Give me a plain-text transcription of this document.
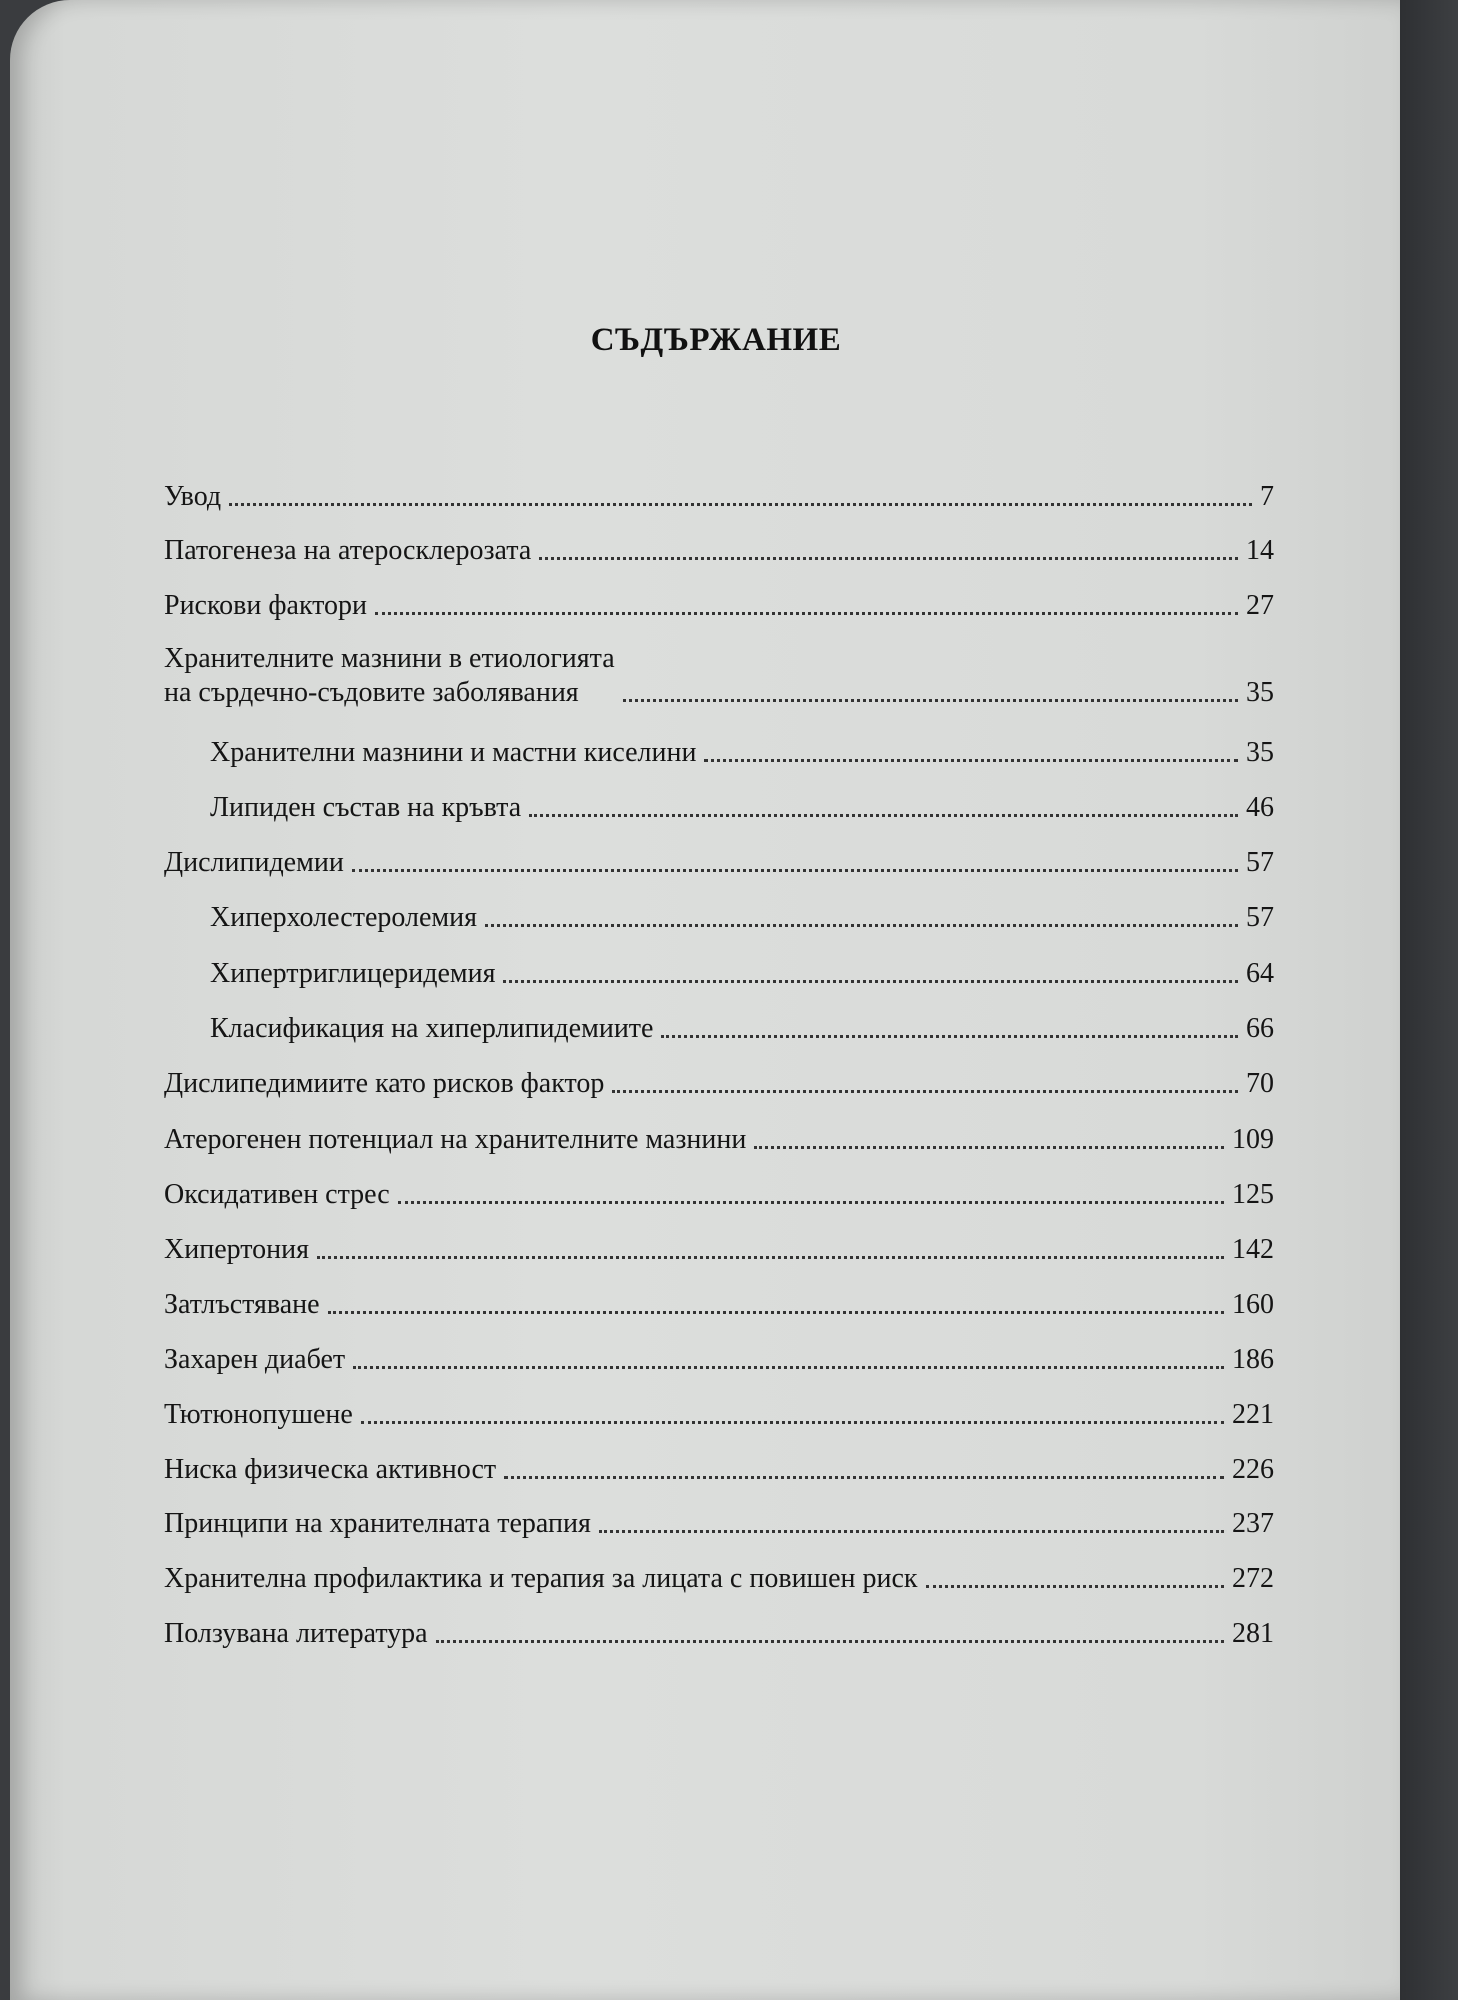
СЪДЪРЖАНИЕ
Увод	7
Патогенеза на атеросклерозата	14
Рискови фактори	27
Хранителните мазнини в етиологията
на сърдечно-съдовите заболявания	35
Хранителни мазнини и мастни киселини	35
Липиден състав на кръвта	46
Дислипидемии	57
Хиперхолестеролемия	57
Хипертриглицеридемия	64
Класификация на хиперлипидемиите	66
Дислипедимиите като рисков фактор	70
Атерогенен потенциал на хранителните мазнини	109
Оксидативен стрес	125
Хипертония	142
Затлъстяване	160
Захарен диабет	186
Тютюнопушене	221
Ниска физическа активност	226
Принципи на хранителната терапия	237
Хранителна профилактика и терапия за лицата с повишен риск	272
Ползувана литература	281
